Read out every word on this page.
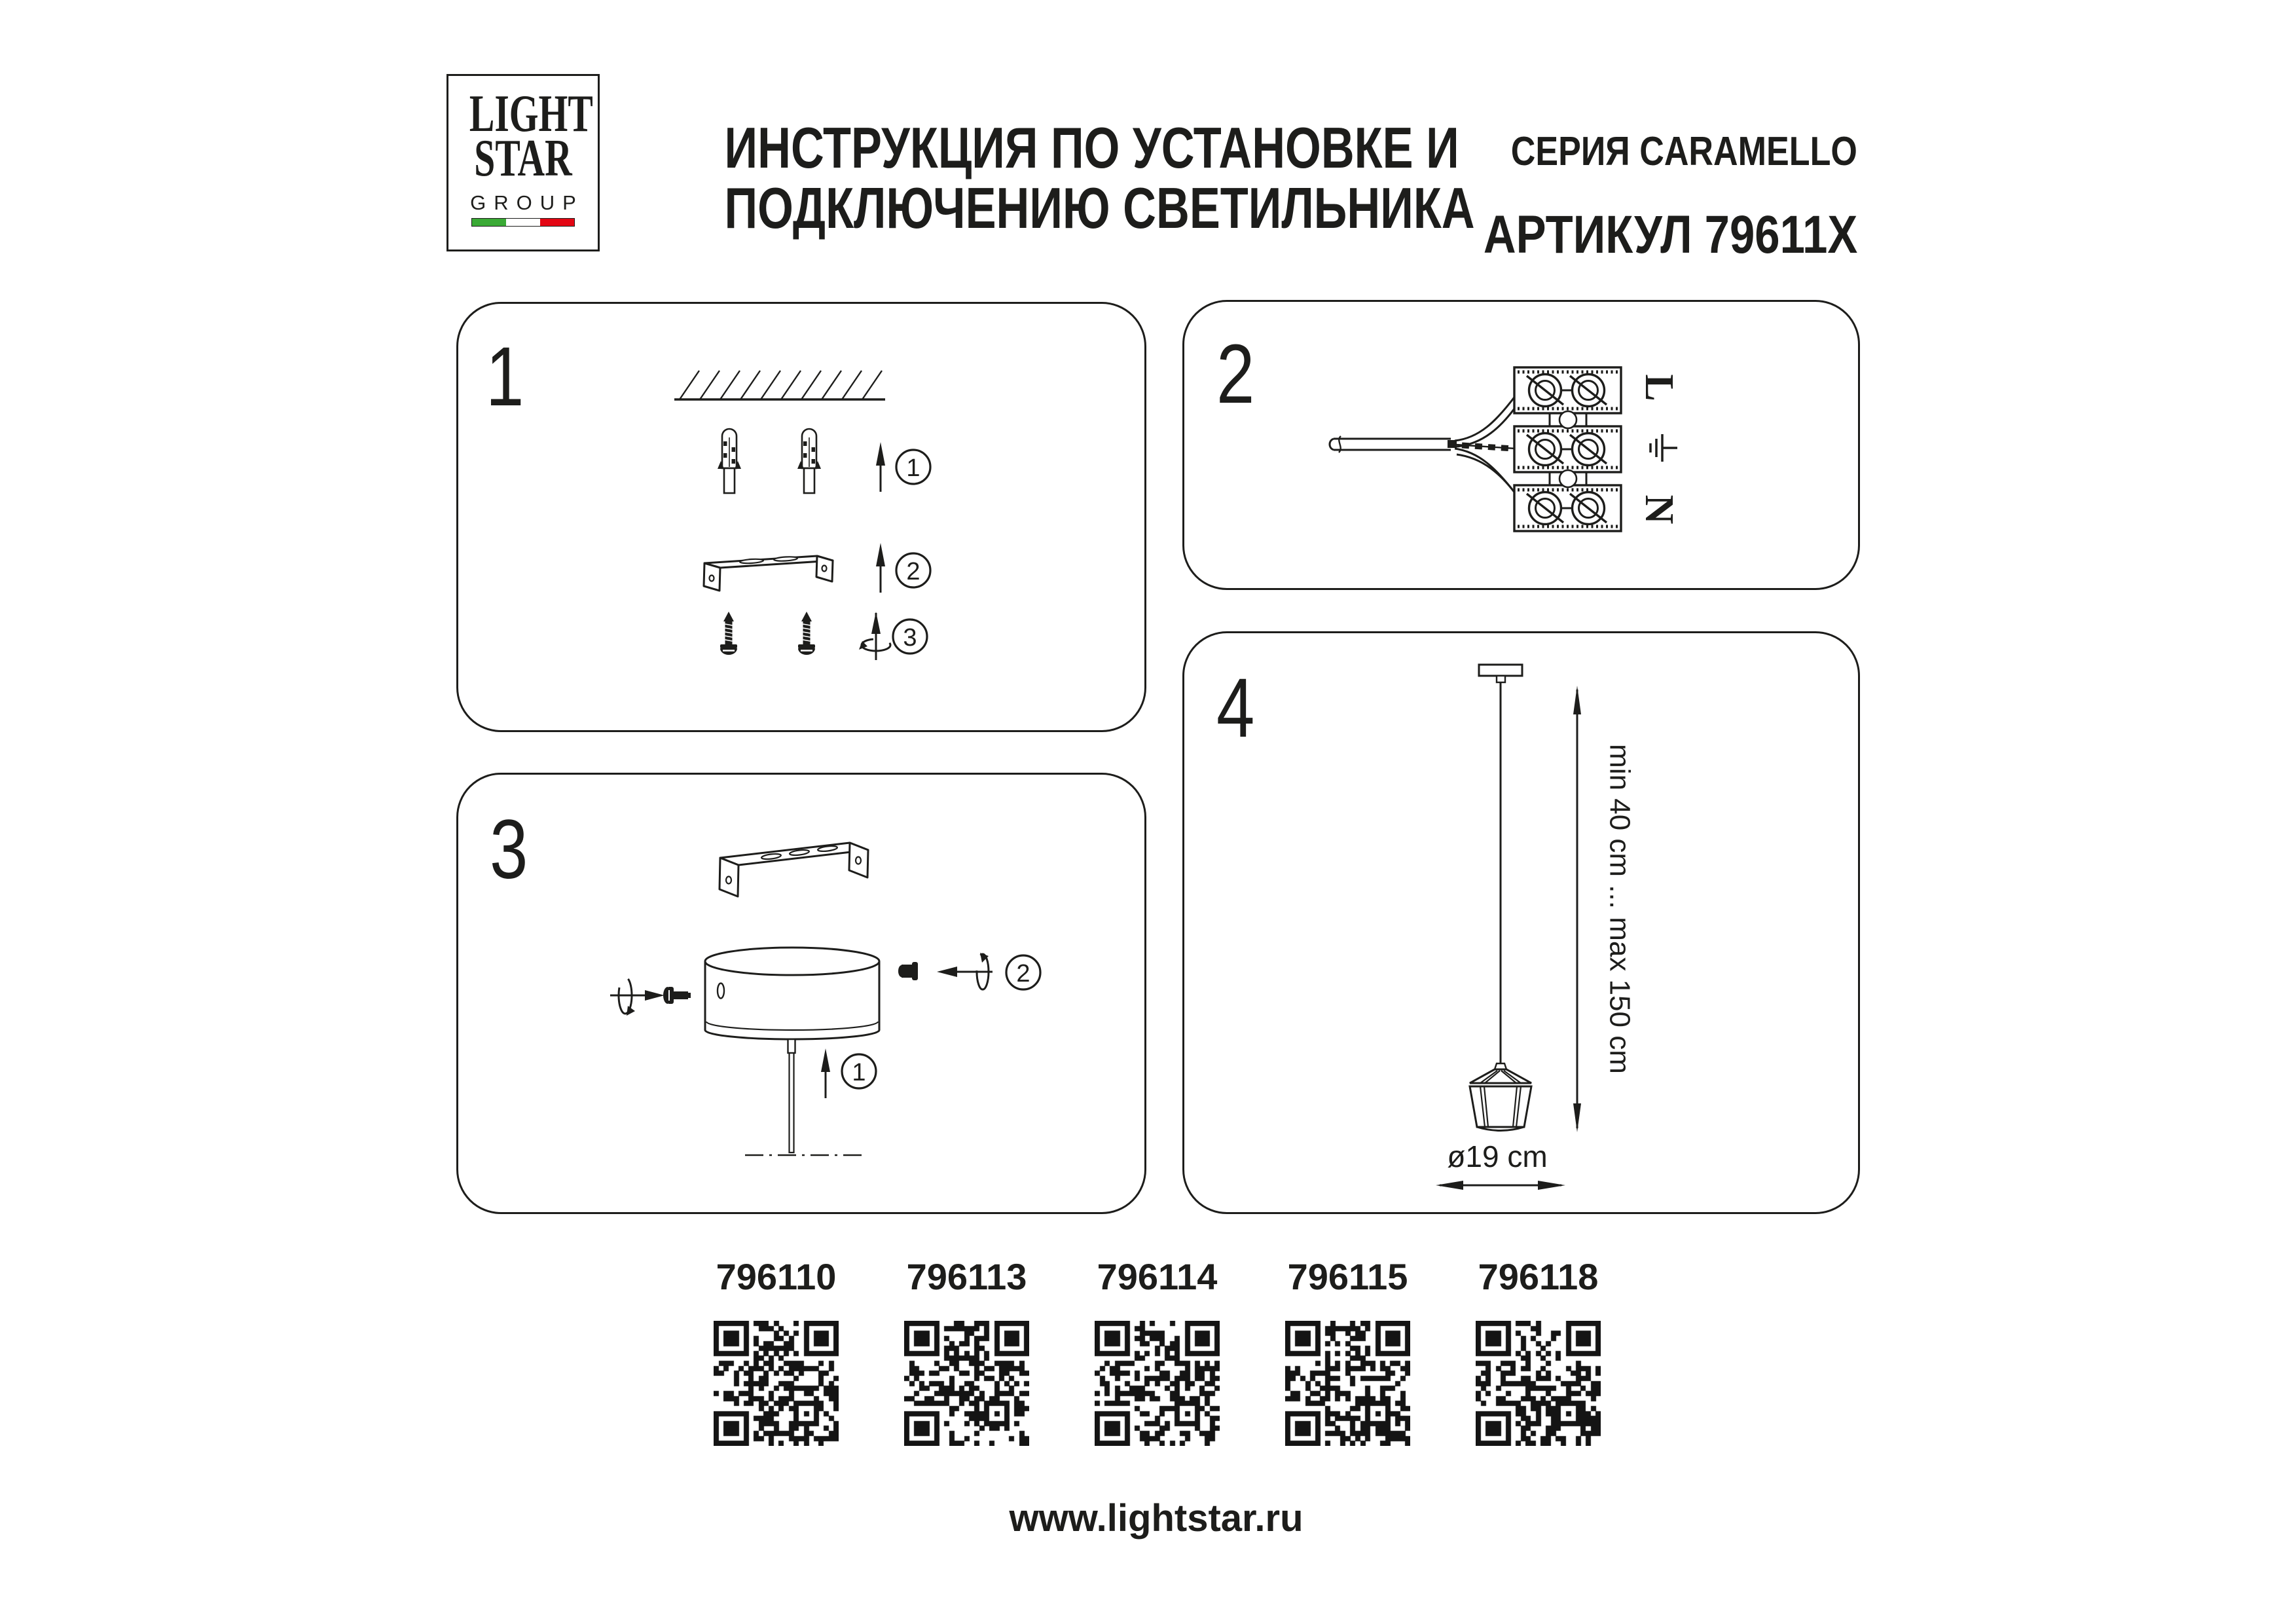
LIGHT
STAR
GROUP
ИНСТРУКЦИЯ ПО УСТАНОВКЕ И
ПОДКЛЮЧЕНИЮ СВЕТИЛЬНИКА
СЕРИЯ CARAMELLO
АРТИКУЛ 79611X
1
2
3
L
N
2
1	min 40 cm ... max 150 cm
ø19 cm
1	2
3
4
796110	796113	796114	796115	796118
www.lightstar.ru
